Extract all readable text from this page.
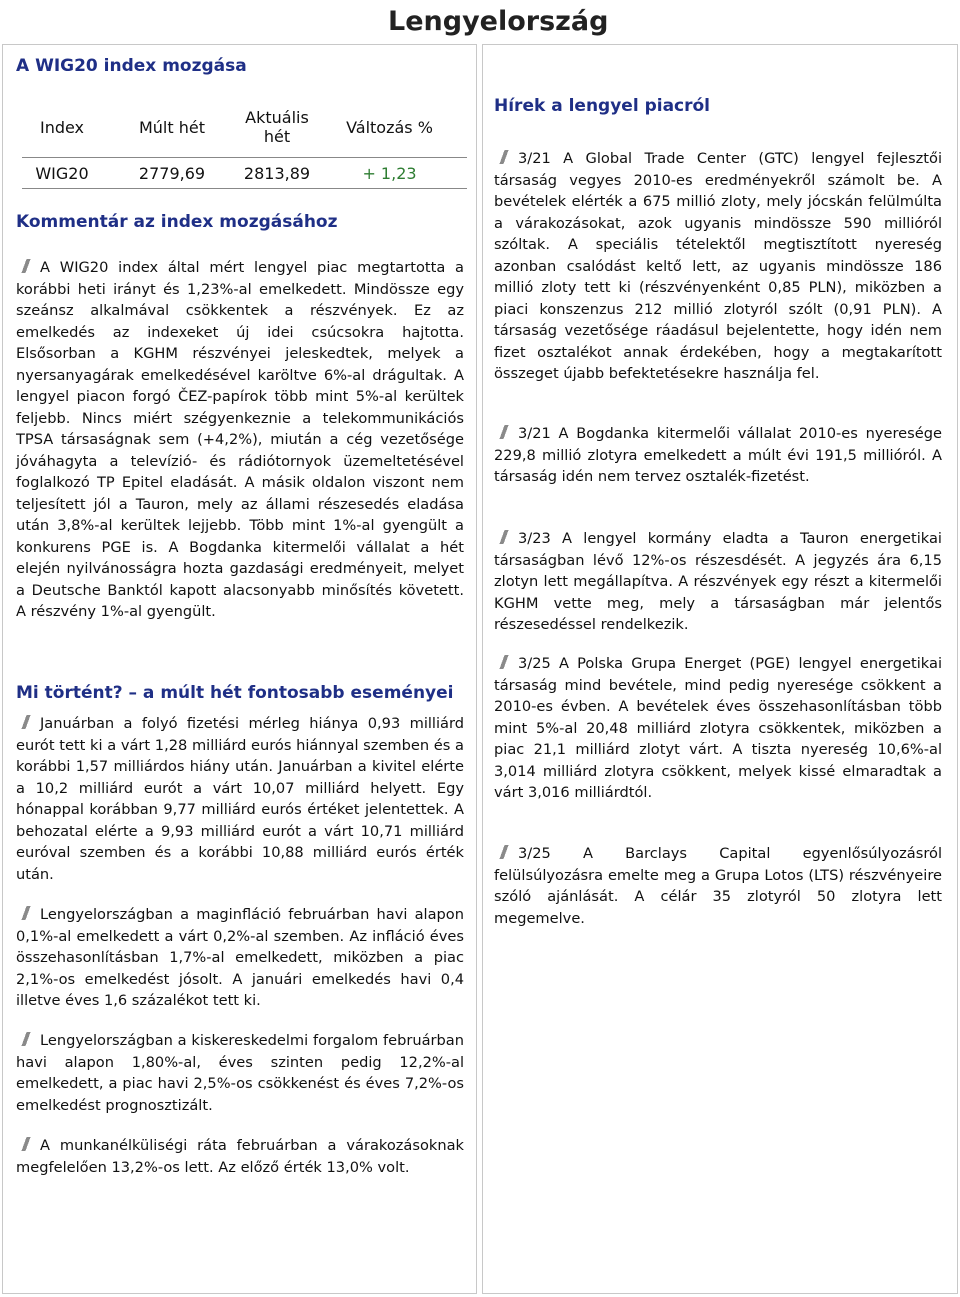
Lengyelország
A WIG20 index mozgása
Index	Múlt hét	Aktuális hét	Változás %
WIG20	2779,69	2813,89	+ 1,23
Kommentár az index mozgásához

A WIG20 index által mért lengyel piac megtartotta a korábbi heti irányt és 1,23%-al emelkedett. Mindössze egy szeánsz alkalmával csökkentek a részvények. Ez az emelkedés az indexeket új idei csúcsokra hajtotta. Elsősorban a KGHM részvényei jeleskedtek, melyek a nyersanyagárak emelkedésével karöltve 6%-al drágultak. A lengyel piacon forgó ČEZ-papírok több mint 5%-al kerültek feljebb. Nincs miért szégyenkeznie a telekommunikációs TPSA társaságnak sem (+4,2%), miután a cég vezetősége jóváhagyta a televízió- és rádiótornyok üzemeltetésével foglalkozó TP Epitel eladását. A másik oldalon viszont nem teljesített jól a Tauron, mely az állami részesedés eladása után 3,8%-al kerültek lejjebb. Több mint 1%-al gyengült a konkurens PGE is. A Bogdanka kitermelői vállalat a hét elején nyilvánosságra hozta gazdasági eredményeit, melyet a Deutsche Banktól kapott alacsonyabb minősítés követett. A részvény 1%-al gyengült.

Mi történt? – a múlt hét fontosabb eseményei

Januárban a folyó fizetési mérleg hiánya 0,93 milliárd eurót tett ki a várt 1,28 milliárd eurós hiánnyal szemben és a korábbi 1,57 milliárdos hiány után. Januárban a kivitel elérte a 10,2 milliárd eurót a várt 10,07 milliárd helyett. Egy hónappal korábban 9,77 milliárd eurós értéket jelentettek. A behozatal elérte a 9,93 milliárd eurót a várt 10,71 milliárd euróval szemben és a korábbi 10,88 milliárd eurós érték után.

Lengyelországban a maginfláció februárban havi alapon 0,1%-al emelkedett a várt 0,2%-al szemben. Az infláció éves összehasonlításban 1,7%-al emelkedett, miközben a piac 2,1%-os emelkedést jósolt. A januári emelkedés havi 0,4 illetve éves 1,6 százalékot tett ki.

Lengyelországban a kiskereskedelmi forgalom februárban havi alapon 1,80%-al, éves szinten pedig 12,2%-al emelkedett, a piac havi 2,5%-os csökkenést és éves 7,2%-os emelkedést prognosztizált.

A munkanélküliségi ráta februárban a várakozásoknak megfelelően 13,2%-os lett. Az előző érték 13,0% volt.

Hírek a lengyel piacról

3/21 A Global Trade Center (GTC) lengyel fejlesztői társaság vegyes 2010-es eredményekről számolt be. A bevételek elérték a 675 millió zloty, mely jócskán felülmúlta a várakozásokat, azok ugyanis mindössze 590 millióról szóltak. A speciális tételektől megtisztított nyereség azonban csalódást keltő lett, az ugyanis mindössze 186 millió zloty tett ki (részvényenként 0,85 PLN), miközben a piaci konszenzus 212 millió zlotyról szólt (0,91 PLN). A társaság vezetősége ráadásul bejelentette, hogy idén nem fizet osztalékot annak érdekében, hogy a megtakarított összeget újabb befektetésekre használja fel.

3/21 A Bogdanka kitermelői vállalat 2010-es nyeresége 229,8 millió zlotyra emelkedett a múlt évi 191,5 millióról. A társaság idén nem tervez osztalék-fizetést.

3/23 A lengyel kormány eladta a Tauron energetikai társaságban lévő 12%-os részesdését. A jegyzés ára 6,15 zlotyn lett megállapítva. A részvények egy részt a kitermelői KGHM vette meg, mely a társaságban már jelentős részesedéssel rendelkezik.

3/25 A Polska Grupa Energet (PGE) lengyel energetikai társaság mind bevétele, mind pedig nyeresége csökkent a 2010-es évben. A bevételek éves összehasonlításban több mint 5%-al 20,48 milliárd zlotyra csökkentek, miközben a piac 21,1 milliárd zlotyt várt. A tiszta nyereség 10,6%-al 3,014 milliárd zlotyra csökkent, melyek kissé elmaradtak a várt 3,016 milliárdtól.

3/25 A Barclays Capital egyenlősúlyozásról felülsúlyozásra emelte meg a Grupa Lotos (LTS) részvényeire szóló ajánlását. A célár 35 zlotyról 50 zlotyra lett megemelve.
